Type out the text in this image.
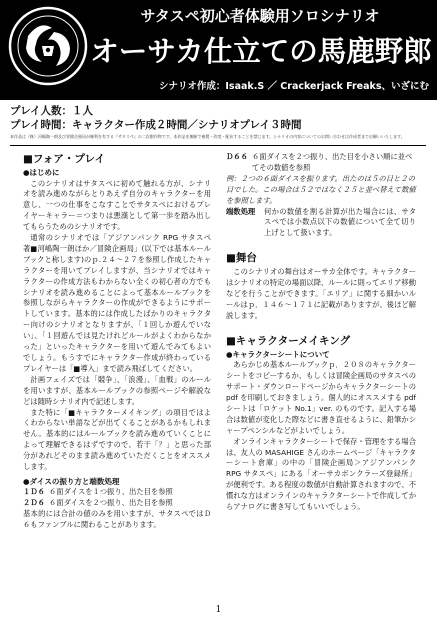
サタスペ初心者体験用ソロシナリオ
オーサカ仕立ての馬鹿野郎
シナリオ作成：Isaak.S ／ Crackerjack Freaks、いざにむ
プレイ人数：１人
プレイ時間：キャラクター作成２時間／シナリオプレイ３時間
本作品は（株）河嶋陶一朗及び冒険企画局が権利を有する『サタスペ』の二次創作物です。本作品を無断で複製・改変・配布することを禁じます。シナリオの内容についてのお問い合わせは作成者までお願いいたします。
■フォア・プレイ
●はじめに

このシナリオはサタスペに初めて触れる方が、シナリオを読み進めながらとりあえず自分のキャラクターを用意し、一つの仕事をこなすことでサタスペにおけるプレイヤーキャラー＝つまりは悪漢として第一歩を踏み出してもらうためのシナリオです。

通常のシナリオでは「アジアンパンク RPG サタスペ　著■河嶋陶一朗ほか／冒険企画局」(以下では基本ルールブックと称します)のｐ.２４〜２７を参照し作成したキャラクターを用いてプレイしますが、当シナリオではキャラクターの作成方法もわからない全くの初心者の方でもシナリオを読み進めることによって基本ルールブックを参照しながらキャラクターの作成ができるようにサポートしています。基本的には作成したばかりのキャラクター向けのシナリオとなりますが、「１回しか遊んでいない」、「１回遊んでは見たけれどルールがよくわからなかった」といったキャラクターを用いて遊んでみてもよいでしょう。もうすでにキャラクター作成が終わっているプレイヤーは「■導入」まで読み飛ばしてください。

計画フェイズでは「競争」、「浪漫」、「血戦」のルールを用いますが、基本ルールブックの参照ページや解説などは随時シナリオ内で記述します。

また特に「■キャラクターメイキング」の項目ではよくわからない単語などが出てくることがあるかもしれません。基本的にはルールブックを読み進めていくことによって理解できるはずですので、若干「？」と思った部分があれどそのまま読み進めていただくことをオススメします。

●ダイスの振り方と端数処理
１Ｄ６ ６面ダイスを１つ振り、出た目を参照
２Ｄ６ ６面ダイスを２つ振り、出た目を参照

基本的には合計の値のみを用いますが、サタスペではＤ６もファンブルに関わることがあります。

Ｄ６６ ６面ダイスを２つ振り、出た目を小さい順に並べてその数値を参照

例：２つの６面ダイスを振ります。出たのは５の目と２の目でした。この場合は５２ではなく２５と並べ替えて数値を参照します。

端数処理	何かの数値を割る計算が出た場合には、サタスペでは小数点以下の数値について全て切り上げとして扱います。
■舞台

このシナリオの舞台はオーサカ全体です。キャラクターはシナリオの特定の場面以降、ルールに則ってエリア移動などを行うことができます。「エリア」に関する細かいルールはｐ．１４６〜１７１に記載がありますが、後ほど解説します。

■キャラクターメイキング
●キャラクターシートについて

あらかじめ基本ルールブックｐ．２０８のキャラクターシートをコピーするか、もしくは冒険企画局のサタスペのサポート・ダウンロードページからキャラクターシートの pdf を印刷しておきましょう。個人的にオススメする pdf シートは「ロケット No.1」ver. のものです。記入する場合は数値が変化した際などに書き直せるように、鉛筆かシャープペンシルなどがよいでしょう。

オンラインキャラクターシートで保存・管理をする場合は、友人の MASAHIGE さんのホームページ「キャラクターシート倉庫」の中の「冒険企画局＞アジアンパンク RPG サタスペ」にある「オーサカボンクラーズ登録所」が便利です。ある程度の数値が自動計算されますので、不慣れな方はオンラインのキャラクターシートで作成してからアナログに書き写してもいいでしょう。

1
